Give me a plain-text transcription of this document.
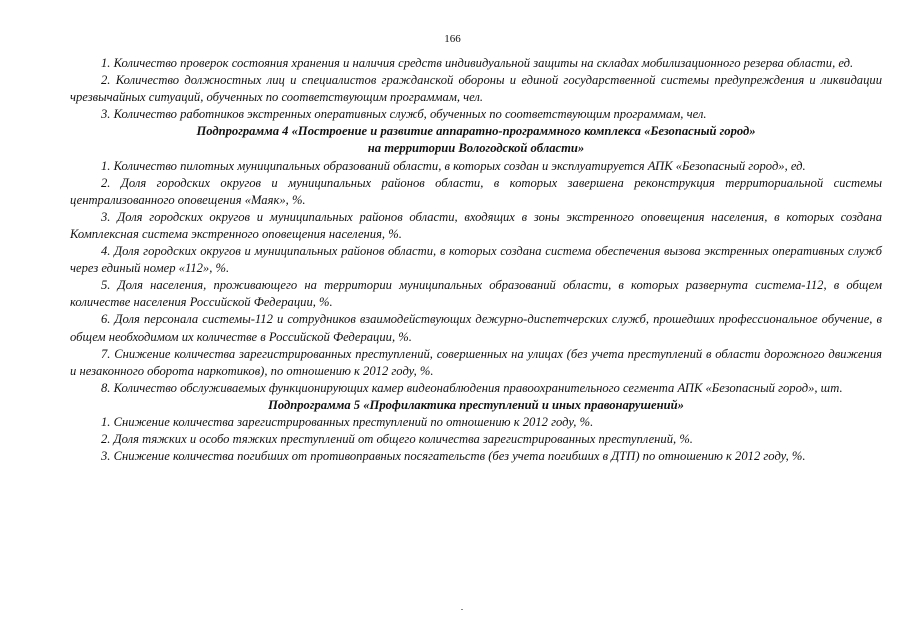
166

1. Количество проверок состояния хранения и наличия средств индивидуальной защиты на складах мобилизационного резерва области, ед.

2. Количество должностных лиц и специалистов гражданской обороны и единой государственной системы предупреждения и ликвидации чрезвычайных ситуаций, обученных по соответствующим программам, чел.

3. Количество работников экстренных оперативных служб, обученных по соответствующим программам, чел.

Подпрограмма 4 «Построение и развитие аппаратно-программного комплекса «Безопасный город»
на территории Вологодской области»

1. Количество пилотных муниципальных образований области, в которых создан и эксплуатируется АПК «Безопасный город», ед.

2. Доля городских округов и муниципальных районов области, в которых завершена реконструкция территориальной системы централизованного оповещения «Маяк», %.

3. Доля городских округов и муниципальных районов области, входящих в зоны экстренного оповещения населения, в которых создана Комплексная система экстренного оповещения населения, %.

4. Доля городских округов и муниципальных районов области, в которых создана система обеспечения вызова экстренных оперативных служб через единый номер «112», %.

5. Доля населения, проживающего на территории муниципальных образований области, в которых развернута система-112, в общем количестве населения Российской Федерации, %.

6. Доля персонала системы-112 и сотрудников взаимодействующих дежурно-диспетчерских служб, прошедших профессиональное обучение, в общем необходимом их количестве в Российской Федерации, %.

7. Снижение количества зарегистрированных преступлений, совершенных на улицах (без учета преступлений в области дорожного движения и незаконного оборота наркотиков), по отношению к 2012 году, %.

8. Количество обслуживаемых функционирующих камер видеонаблюдения правоохранительного сегмента АПК «Безопасный город», шт.

Подпрограмма 5 «Профилактика преступлений и иных правонарушений»

1. Снижение количества зарегистрированных преступлений по отношению к 2012 году, %.

2. Доля тяжких и особо тяжких преступлений от общего количества зарегистрированных преступлений, %.

3. Снижение количества погибших от противоправных посягательств (без учета погибших в ДТП) по отношению к 2012 году, %.
